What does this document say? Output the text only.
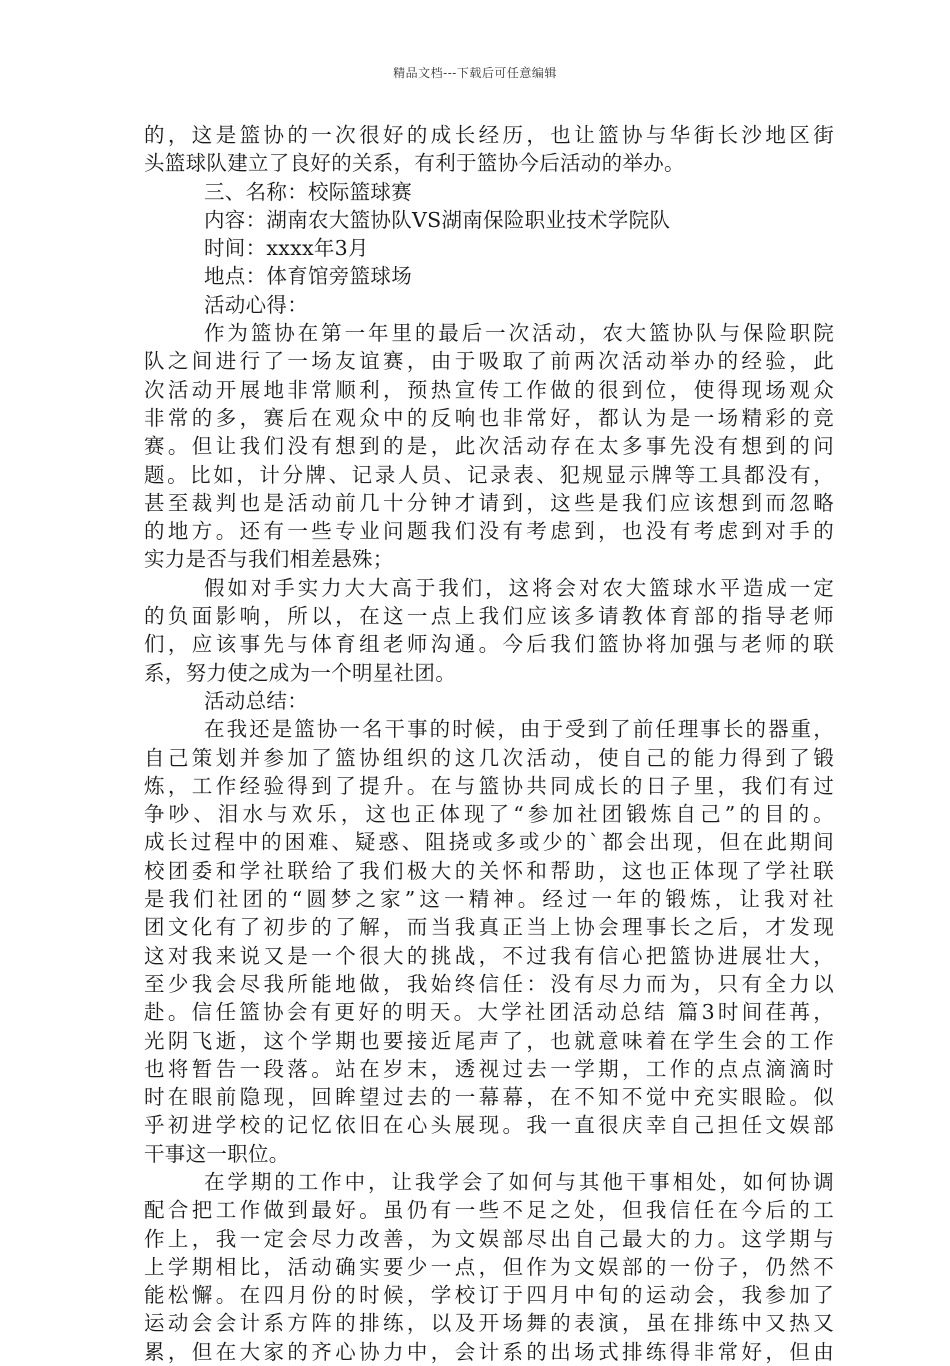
精品文档---下载后可任意编辑
的，这是篮协的一次很好的成长经历，也让篮协与华街长沙地区街
头篮球队建立了良好的关系，有利于篮协今后活动的举办。
三、名称：校际篮球赛
内容：湖南农大篮协队VS湖南保险职业技术学院队
时间：xxxx年3月
地点：体育馆旁篮球场
活动心得：
作为篮协在第一年里的最后一次活动，农大篮协队与保险职院
队之间进行了一场友谊赛，由于吸取了前两次活动举办的经验，此
次活动开展地非常顺利，预热宣传工作做的很到位，使得现场观众
非常的多，赛后在观众中的反响也非常好，都认为是一场精彩的竞
赛。但让我们没有想到的是，此次活动存在太多事先没有想到的问
题。比如，计分牌、记录人员、记录表、犯规显示牌等工具都没有，
甚至裁判也是活动前几十分钟才请到，这些是我们应该想到而忽略
的地方。还有一些专业问题我们没有考虑到，也没有考虑到对手的
实力是否与我们相差悬殊；
假如对手实力大大高于我们，这将会对农大篮球水平造成一定
的负面影响，所以，在这一点上我们应该多请教体育部的指导老师
们，应该事先与体育组老师沟通。今后我们篮协将加强与老师的联
系，努力使之成为一个明星社团。
活动总结：
在我还是篮协一名干事的时候，由于受到了前任理事长的器重，
自己策划并参加了篮协组织的这几次活动，使自己的能力得到了锻
炼，工作经验得到了提升。在与篮协共同成长的日子里，我们有过
争吵、泪水与欢乐，这也正体现了“参加社团锻炼自己”的目的。
成长过程中的困难、疑惑、阻挠或多或少的`都会出现，但在此期间
校团委和学社联给了我们极大的关怀和帮助，这也正体现了学社联
是我们社团的“圆梦之家”这一精神。经过一年的锻炼，让我对社
团文化有了初步的了解，而当我真正当上协会理事长之后，才发现
这对我来说又是一个很大的挑战，不过我有信心把篮协进展壮大，
至少我会尽我所能地做，我始终信任：没有尽力而为，只有全力以
赴。信任篮协会有更好的明天。大学社团活动总结 篇3时间荏苒，
光阴飞逝，这个学期也要接近尾声了，也就意味着在学生会的工作
也将暂告一段落。站在岁末，透视过去一学期，工作的点点滴滴时
时在眼前隐现，回眸望过去的一幕幕，在不知不觉中充实眼睑。似
乎初进学校的记忆依旧在心头展现。我一直很庆幸自己担任文娱部
干事这一职位。
在学期的工作中，让我学会了如何与其他干事相处，如何协调
配合把工作做到最好。虽仍有一些不足之处，但我信任在今后的工
作上，我一定会尽力改善，为文娱部尽出自己最大的力。这学期与
上学期相比，活动确实要少一点，但作为文娱部的一份子，仍然不
能松懈。在四月份的时候，学校订于四月中旬的运动会，我参加了
运动会会计系方阵的排练，以及开场舞的表演，虽在排练中又热又
累，但在大家的齐心协力中，会计系的出场式排练得非常好，但由
